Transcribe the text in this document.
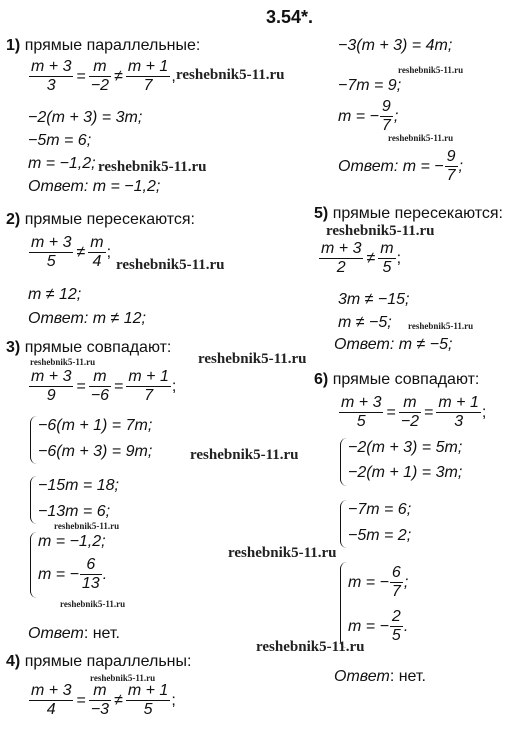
3.54*.
1) прямые параллельные:
$\frac{m + 3}{3} = \frac{m}{-2} \ne \frac{m + 1}{7}$ , reshebnik5-11.ru
−2(m + 3) = 3m;
−5m = 6;
m = −1,2; reshebnik5-11.ru
Ответ: m = −1,2;
2) прямые пересекаются:
$\frac{m + 3}{5} \ne \frac{m}{4}$ ;
reshebnik5-11.ru
m ≠ 12;
Ответ: m ≠ 12;
3) прямые совпадают:
reshebnik5-11.ru	reshebnik5-11.ru
$\frac{m + 3}{9} = \frac{m}{-6} = \frac{m + 1}{7}$ ;
−6(m + 1) = 7m;
−6(m + 3) = 9m;	reshebnik5-11.ru
−15m = 18;
−13m = 6;
reshebnik5-11.ru
m = −1,2;
m = − $\frac{6}{13}$ .
reshebnik5-11.ru
Ответ: нет.
4) прямые параллельны:
reshebnik5-11.ru
$\frac{m + 3}{4} = \frac{m}{-3} \ne \frac{m + 1}{5}$ ;
−3(m + 3) = 4m;
reshebnik5-11.ru
−7m = 9;
m = − $\frac{9}{7}$ ;
reshebnik5-11.ru
Ответ : m = − $\frac{9}{7}$ ;
5) прямые пересекаются:
reshebnik5-11.ru
$\frac{m + 3}{2} \ne \frac{m}{5}$ ;
3m ≠ −15;
m ≠ −5; reshebnik5-11.ru
Ответ: m ≠ −5;
6) прямые совпадают:
$\frac{m + 3}{5} = \frac{m}{-2} = \frac{m + 1}{3}$ ;
−2(m + 3) = 5m;
−2(m + 1) = 3m;
−7m = 6;
−5m = 2;
reshebnik5-11.ru
m = − $\frac{6}{7}$ ;
m = − $\frac{2}{5}$ .
reshebnik5-11.ru
Ответ: нет.
